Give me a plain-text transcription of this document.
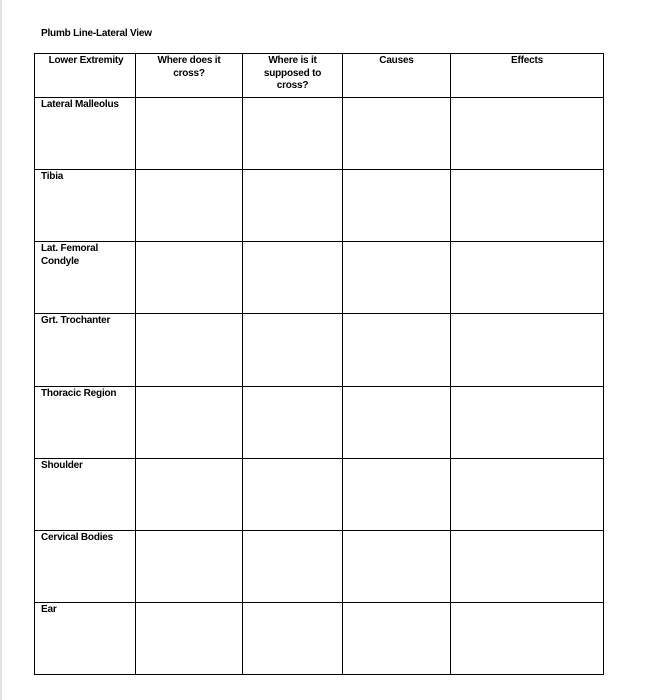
Plumb Line-Lateral View
Lower Extremity	Where does it cross?	Where is it supposed to cross?	Causes	Effects
Lateral Malleolus				
Tibia				
Lat. Femoral Condyle				
Grt. Trochanter				
Thoracic Region				
Shoulder				
Cervical Bodies				
Ear				
